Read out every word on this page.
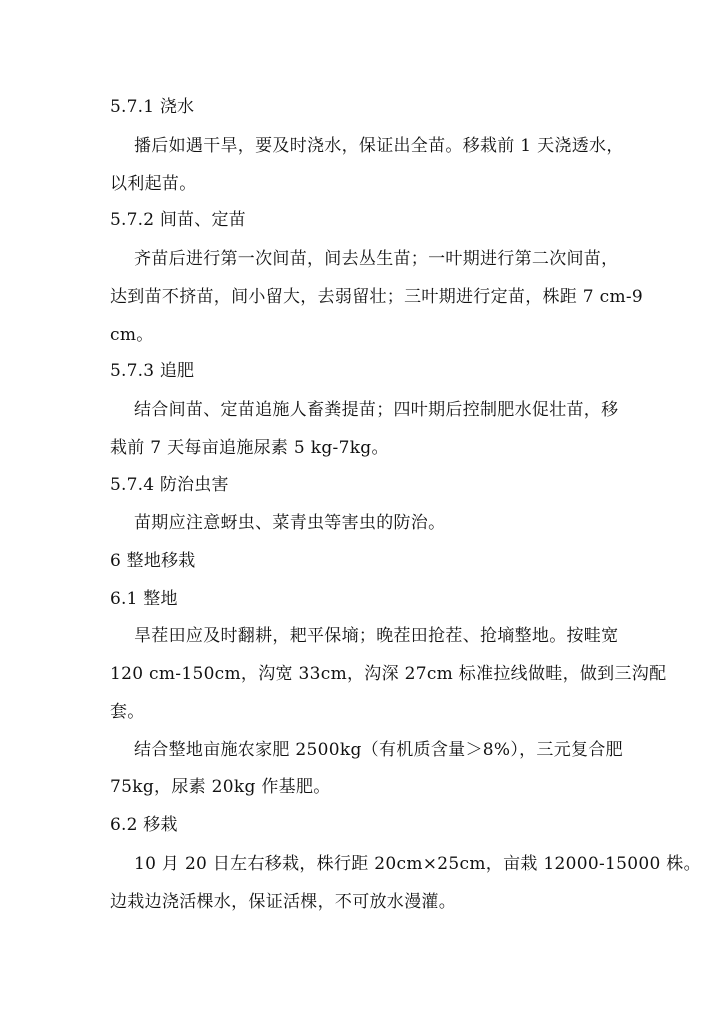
5.7.1 浇水
播后如遇干旱，要及时浇水，保证出全苗。移栽前 1 天浇透水，
以利起苗。
5.7.2 间苗、定苗
齐苗后进行第一次间苗，间去丛生苗；一叶期进行第二次间苗，
达到苗不挤苗，间小留大，去弱留壮；三叶期进行定苗，株距 7 cm-9
cm。
5.7.3 追肥
结合间苗、定苗追施人畜粪提苗；四叶期后控制肥水促壮苗，移
栽前 7 天每亩追施尿素 5 kg-7kg。
5.7.4 防治虫害
苗期应注意蚜虫、菜青虫等害虫的防治。
6 整地移栽
6.1 整地
旱茬田应及时翻耕，耙平保墒；晚茬田抢茬、抢墒整地。按畦宽
120 cm-150cm，沟宽 33cm，沟深 27cm 标准拉线做畦，做到三沟配
套。
结合整地亩施农家肥 2500kg（有机质含量＞8%），三元复合肥
75kg，尿素 20kg 作基肥。
6.2 移栽
10 月 20 日左右移栽，株行距 20cm×25cm，亩栽 12000-15000 株。
边栽边浇活棵水，保证活棵，不可放水漫灌。
